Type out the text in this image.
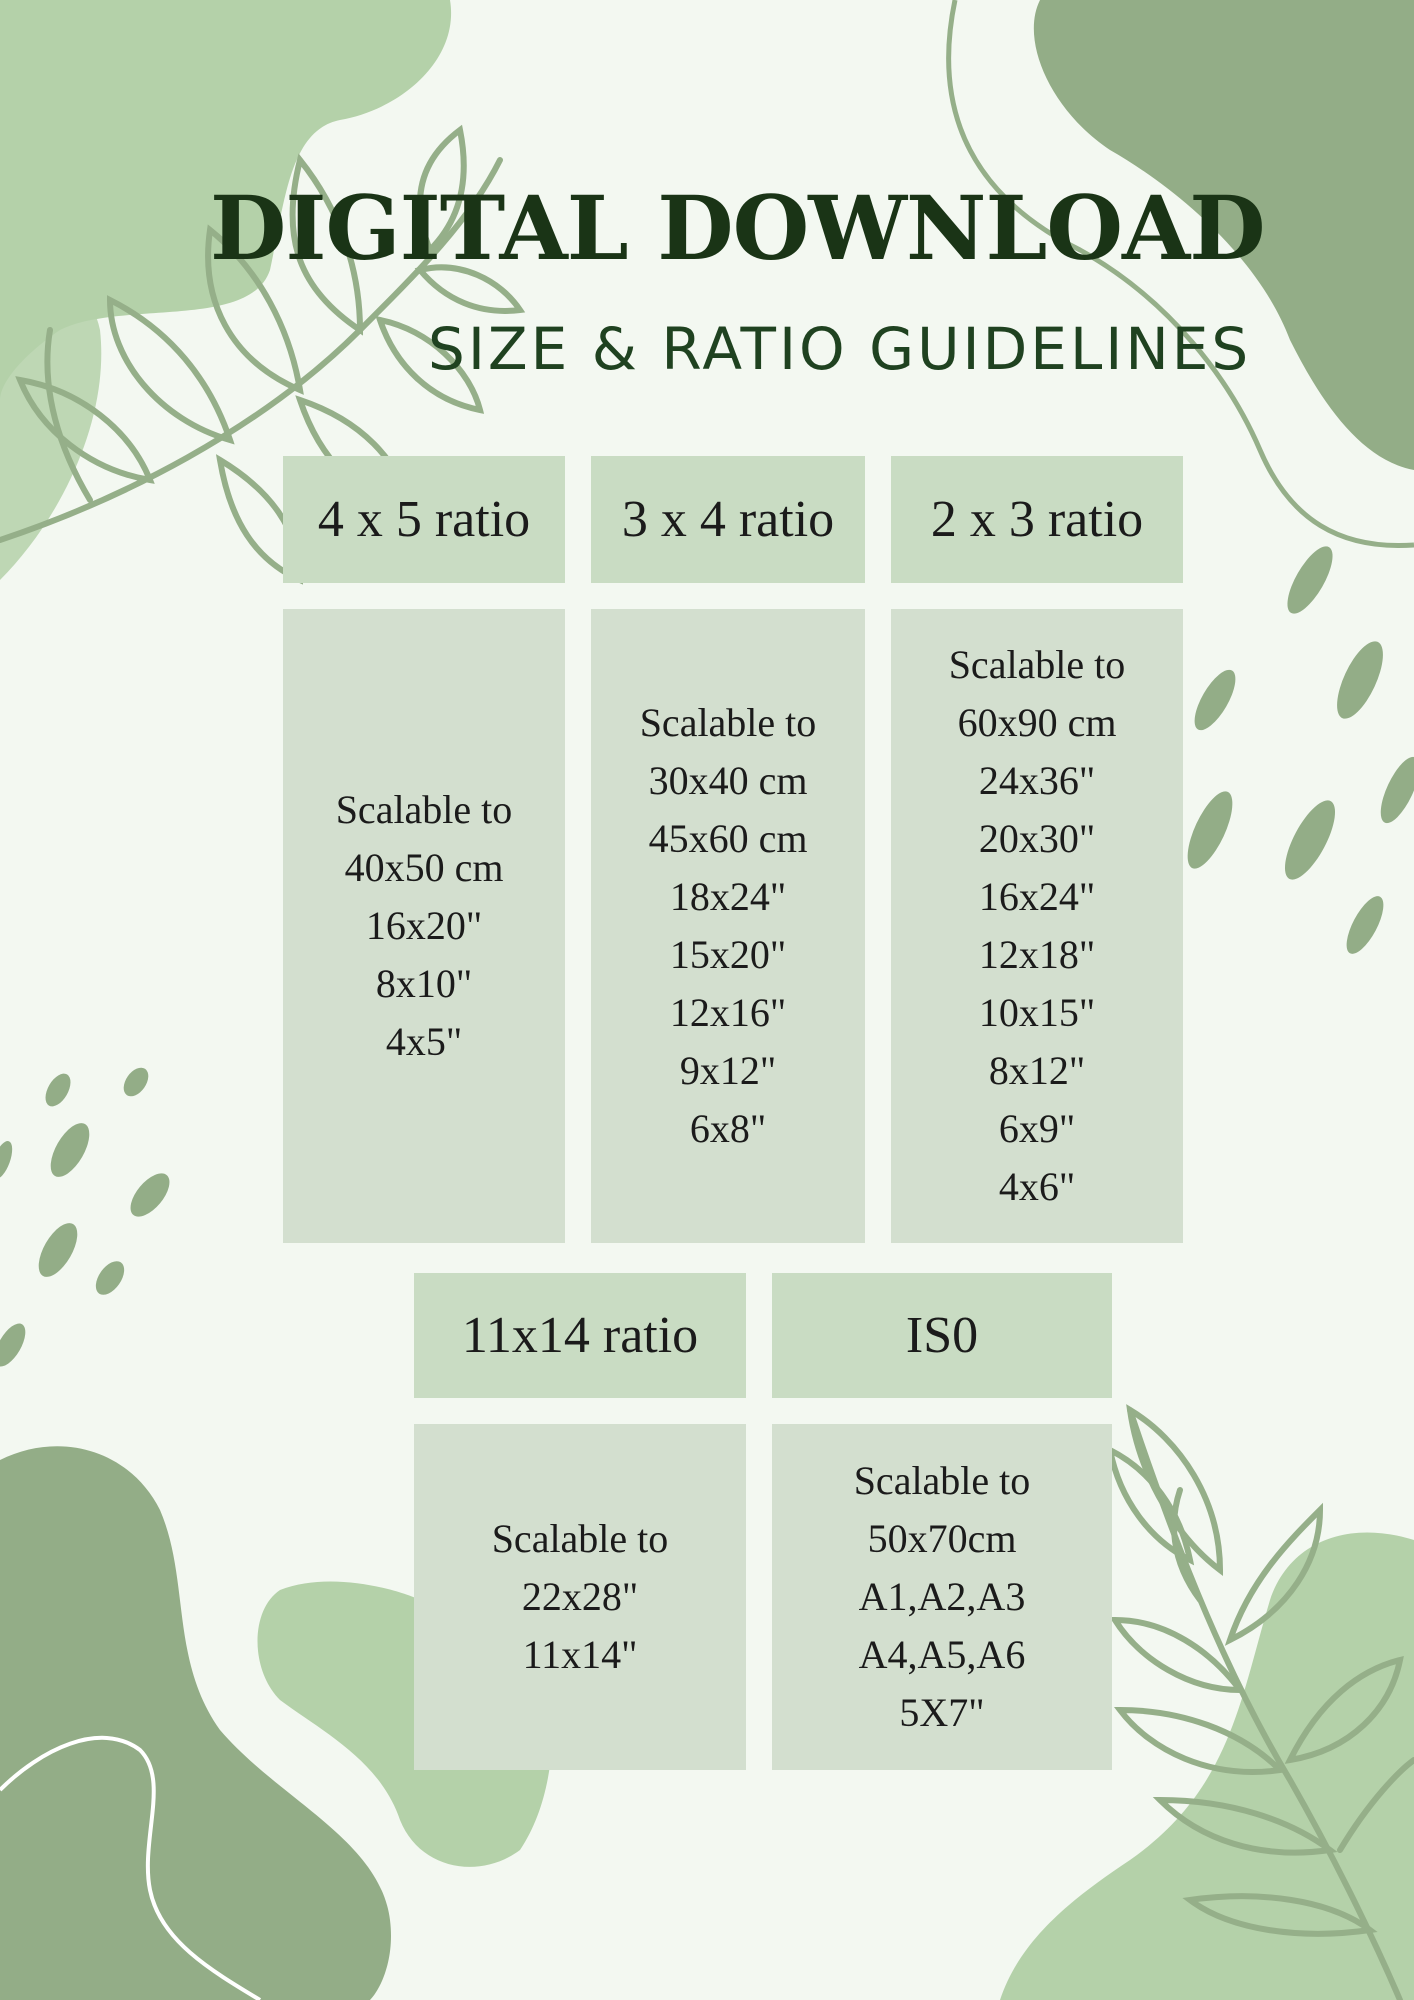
DIGITAL DOWNLOAD
SIZE & RATIO GUIDELINES
4 x 5 ratio	3 x 4 ratio	2 x 3 ratio
Scalable to
40x50 cm
16x20"
8x10"
4x5"
Scalable to
30x40 cm
45x60 cm
18x24"
15x20"
12x16"
9x12"
6x8"
Scalable to
60x90 cm
24x36"
20x30"
16x24"
12x18"
10x15"
8x12"
6x9"
4x6"
11x14 ratio	IS0
Scalable to
22x28"
11x14"
Scalable to
50x70cm
A1,A2,A3
A4,A5,A6
5X7"
